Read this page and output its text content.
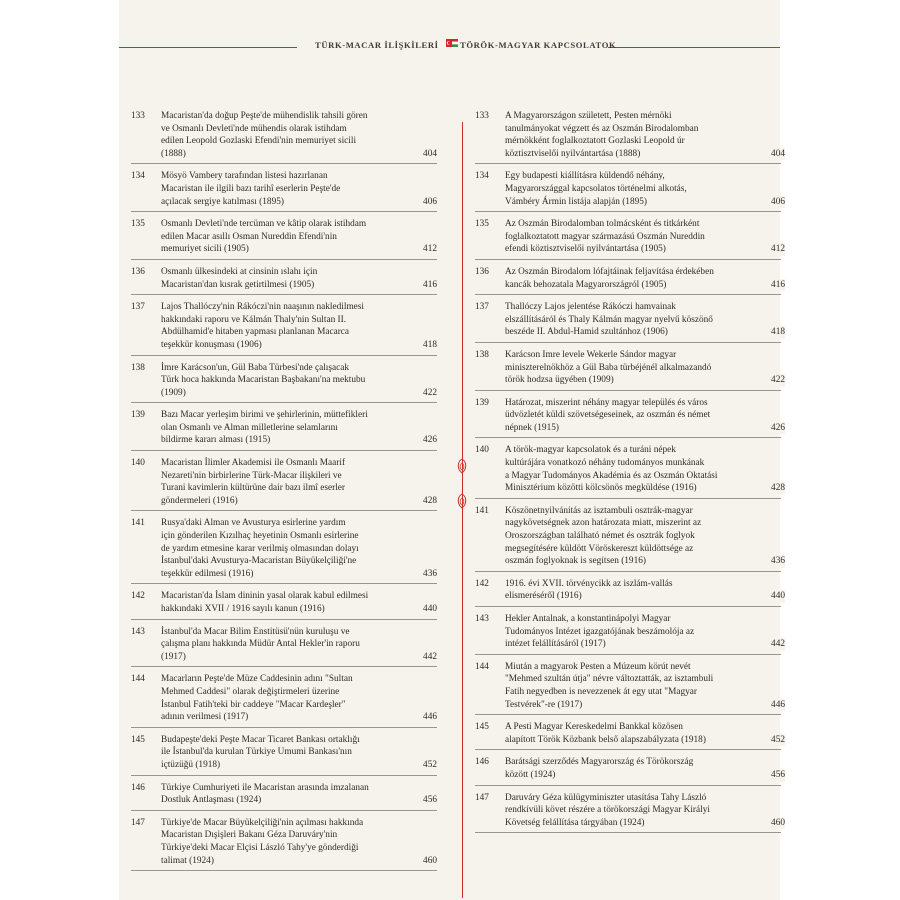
TÜRK-MACAR İLİŞKİLERİ TÖRÖK-MAGYAR KAPCSOLATOK
133	Macaristan'da doğup Peşte'de mühendislik tahsili gören
ve Osmanlı Devleti'nde mühendis olarak istihdam
edilen Leopold Gozlaski Efendi'nin memuriyet sicili
(1888)	404
134	Mösyö Vambery tarafından listesi hazırlanan
Macaristan ile ilgili bazı tarihî eserlerin Peşte'de
açılacak sergiye katılması (1895)	406
135	Osmanlı Devleti'nde tercüman ve kâtip olarak istihdam
edilen Macar asıllı Osman Nureddin Efendi'nin
memuriyet sicili (1905)	412
136	Osmanlı ülkesindeki at cinsinin ıslahı için
Macaristan'dan kısrak getirtilmesi (1905)	416
137	Lajos Thallóczy'nin Rákóczi'nin naaşının nakledilmesi
hakkındaki raporu ve Kálmán Thaly'nin Sultan II.
Abdülhamid'e hitaben yapması planlanan Macarca
teşekkür konuşması (1906)	418
138	İmre Karácson'un, Gül Baba Türbesi'nde çalışacak
Türk hoca hakkında Macaristan Başbakanı'na mektubu
(1909)	422
139	Bazı Macar yerleşim birimi ve şehirlerinin, müttefikleri
olan Osmanlı ve Alman milletlerine selamlarını
bildirme kararı alması (1915)	426
140	Macaristan İlimler Akademisi ile Osmanlı Maarif
Nezareti'nin birbirlerine Türk-Macar ilişkileri ve
Turani kavimlerin kültürüne dair bazı ilmî eserler
göndermeleri (1916)	428
141	Rusya'daki Alman ve Avusturya esirlerine yardım
için gönderilen Kızılhaç heyetinin Osmanlı esirlerine
de yardım etmesine karar verilmiş olmasından dolayı
İstanbul'daki Avusturya-Macaristan Büyükelçiliği'ne
teşekkür edilmesi (1916)	436
142	Macaristan'da İslam dininin yasal olarak kabul edilmesi
hakkındaki XVII / 1916 sayılı kanun (1916)	440
143	İstanbul'da Macar Bilim Enstitüsü'nün kuruluşu ve
çalışma planı hakkında Müdür Antal Hekler'in raporu
(1917)	442
144	Macarların Peşte'de Müze Caddesinin adını "Sultan
Mehmed Caddesi" olarak değiştirmeleri üzerine
İstanbul Fatih'teki bir caddeye "Macar Kardeşler"
adının verilmesi (1917)	446
145	Budapeşte'deki Peşte Macar Ticaret Bankası ortaklığı
ile İstanbul'da kurulan Türkiye Umumi Bankası'nın
içtüzüğü (1918)	452
146	Türkiye Cumhuriyeti ile Macaristan arasında imzalanan
Dostluk Antlaşması (1924)	456
147	Türkiye'de Macar Büyükelçiliği'nin açılması hakkında
Macaristan Dışişleri Bakanı Géza Daruváry'nin
Türkiye'deki Macar Elçisi László Tahy'ye gönderdiği
talimat (1924)	460
133	A Magyarországon született, Pesten mérnöki
tanulmányokat végzett és az Oszmán Birodalomban
mérnökként foglalkoztatott Gozlaski Leopold úr
köztisztviselői nyilvántartása (1888)	404
134	Egy budapesti kiállításra küldendő néhány,
Magyarországgal kapcsolatos történelmi alkotás,
Vámbéry Ármin listája alapján (1895)	406
135	Az Oszmán Birodalomban tolmácsként és titkárként
foglalkoztatott magyar származású Oszmán Nureddin
efendi köztisztviselői nyilvántartása (1905)	412
136	Az Oszmán Birodalom lófajtáinak feljavítása érdekében
kancák behozatala Magyarországról (1905)	416
137	Thallóczy Lajos jelentése Rákóczi hamvainak
elszállításáról és Thaly Kálmán magyar nyelvű köszönő
beszéde II. Abdul-Hamid szultánhoz (1906)	418
138	Karácson Imre levele Wekerle Sándor magyar
miniszterelnökhöz a Gül Baba türbéjénél alkalmazandó
török hodzsa ügyében (1909)	422
139	Határozat, miszerint néhány magyar település és város
üdvözletét küldi szövetségeseinek, az oszmán és német
népnek (1915)	426
140	A török-magyar kapcsolatok és a turáni népek
kultúrájára vonatkozó néhány tudományos munkának
a Magyar Tudományos Akadémia és az Oszmán Oktatási
Minisztérium közötti kölcsönös megküldése (1916)	428
141	Köszönetnyilvánítás az isztambuli osztrák-magyar
nagykövetségnek azon határozata miatt, miszerint az
Oroszországban található német és osztrák foglyok
megsegítésére küldött Vöröskereszt küldöttsége az
oszmán foglyoknak is segítsen (1916)	436
142	1916. évi XVII. törvénycikk az iszlám-vallás
elismeréséről (1916)	440
143	Hekler Antalnak, a konstantinápolyi Magyar
Tudományos Intézet igazgatójának beszámolója az
intézet felállításáról (1917)	442
144	Miután a magyarok Pesten a Múzeum körút nevét
"Mehmed szultán útja" névre változtatták, az isztambuli
Fatih negyedben is nevezzenek át egy utat "Magyar
Testvérek"-re (1917)	446
145	A Pesti Magyar Kereskedelmi Bankkal közösen
alapított Török Közbank belső alapszabályzata (1918)	452
146	Barátsági szerződés Magyarország és Törökország
között (1924)	456
147	Daruváry Géza külügyminiszter utasítása Tahy László
rendkívüli követ részére a törökországi Magyar Királyi
Követség felállítása tárgyában (1924)	460
